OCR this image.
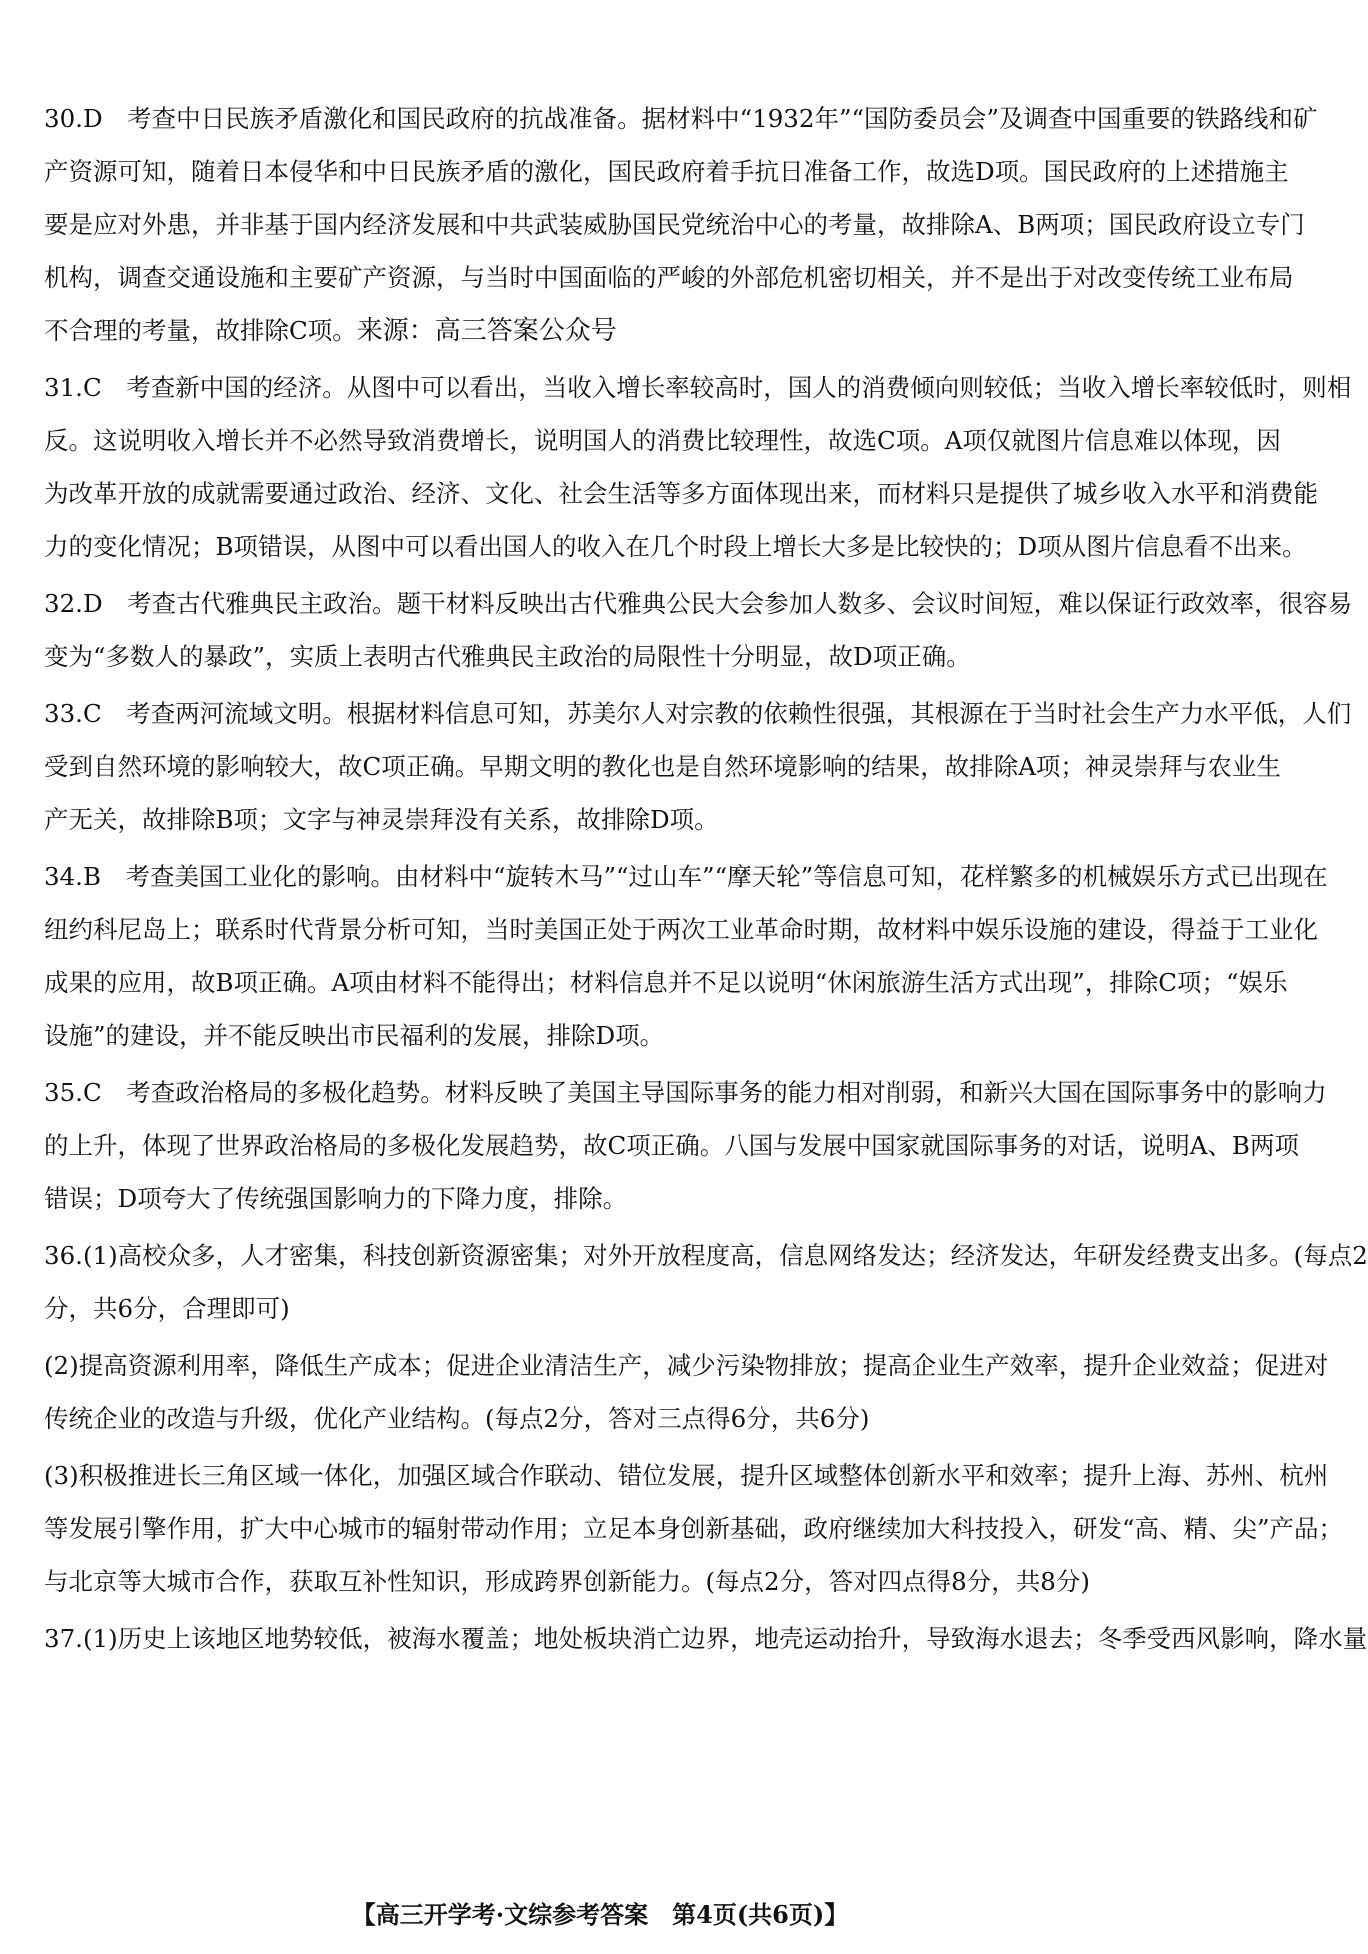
30.D　考查中日民族矛盾激化和国民政府的抗战准备。据材料中“1932年”“国防委员会”及调查中国重要的铁路线和矿
产资源可知，随着日本侵华和中日民族矛盾的激化，国民政府着手抗日准备工作，故选D项。国民政府的上述措施主
要是应对外患，并非基于国内经济发展和中共武装威胁国民党统治中心的考量，故排除A、B两项；国民政府设立专门
机构，调查交通设施和主要矿产资源，与当时中国面临的严峻的外部危机密切相关，并不是出于对改变传统工业布局
不合理的考量，故排除C项。来源：高三答案公众号
31.C　考查新中国的经济。从图中可以看出，当收入增长率较高时，国人的消费倾向则较低；当收入增长率较低时，则相
反。这说明收入增长并不必然导致消费增长，说明国人的消费比较理性，故选C项。A项仅就图片信息难以体现，因
为改革开放的成就需要通过政治、经济、文化、社会生活等多方面体现出来，而材料只是提供了城乡收入水平和消费能
力的变化情况；B项错误，从图中可以看出国人的收入在几个时段上增长大多是比较快的；D项从图片信息看不出来。
32.D　考查古代雅典民主政治。题干材料反映出古代雅典公民大会参加人数多、会议时间短，难以保证行政效率，很容易
变为“多数人的暴政”，实质上表明古代雅典民主政治的局限性十分明显，故D项正确。
33.C　考查两河流域文明。根据材料信息可知，苏美尔人对宗教的依赖性很强，其根源在于当时社会生产力水平低，人们
受到自然环境的影响较大，故C项正确。早期文明的教化也是自然环境影响的结果，故排除A项；神灵崇拜与农业生
产无关，故排除B项；文字与神灵崇拜没有关系，故排除D项。
34.B　考查美国工业化的影响。由材料中“旋转木马”“过山车”“摩天轮”等信息可知，花样繁多的机械娱乐方式已出现在
纽约科尼岛上；联系时代背景分析可知，当时美国正处于两次工业革命时期，故材料中娱乐设施的建设，得益于工业化
成果的应用，故B项正确。A项由材料不能得出；材料信息并不足以说明“休闲旅游生活方式出现”，排除C项；“娱乐
设施”的建设，并不能反映出市民福利的发展，排除D项。
35.C　考查政治格局的多极化趋势。材料反映了美国主导国际事务的能力相对削弱，和新兴大国在国际事务中的影响力
的上升，体现了世界政治格局的多极化发展趋势，故C项正确。八国与发展中国家就国际事务的对话，说明A、B两项
错误；D项夸大了传统强国影响力的下降力度，排除。
36.(1)高校众多，人才密集，科技创新资源密集；对外开放程度高，信息网络发达；经济发达，年研发经费支出多。(每点2
分，共6分，合理即可)
(2)提高资源利用率，降低生产成本；促进企业清洁生产，减少污染物排放；提高企业生产效率，提升企业效益；促进对
传统企业的改造与升级，优化产业结构。(每点2分，答对三点得6分，共6分)
(3)积极推进长三角区域一体化，加强区域合作联动、错位发展，提升区域整体创新水平和效率；提升上海、苏州、杭州
等发展引擎作用，扩大中心城市的辐射带动作用；立足本身创新基础，政府继续加大科技投入，研发“高、精、尖”产品；
与北京等大城市合作，获取互补性知识，形成跨界创新能力。(每点2分，答对四点得8分，共8分)
37.(1)历史上该地区地势较低，被海水覆盖；地处板块消亡边界，地壳运动抬升，导致海水退去；冬季受西风影响，降水量
【高三开学考·文综参考答案　 第4页(共6页)】
